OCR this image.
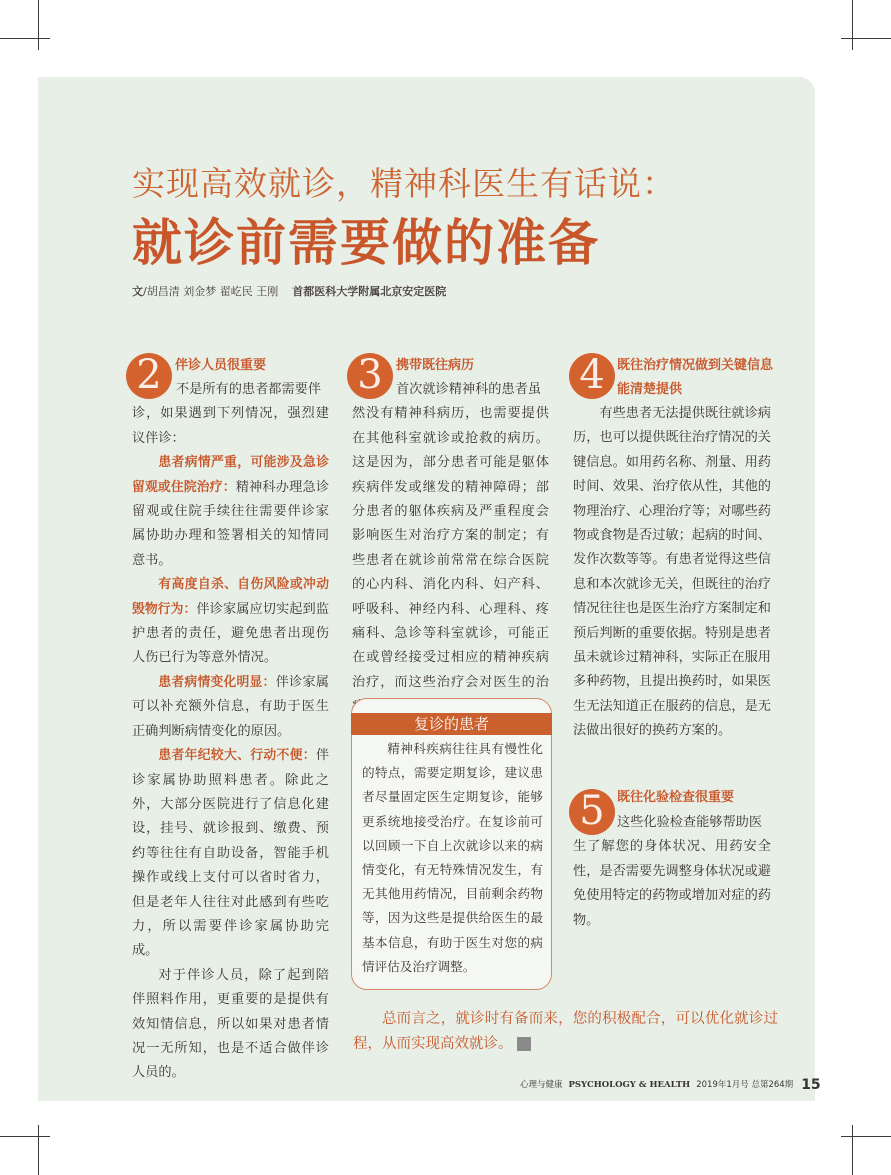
实现高效就诊，精神科医生有话说：
就诊前需要做的准备
文/胡昌清 刘金梦 翟屹民 王刚 首都医科大学附属北京安定医院
2	伴诊人员很重要

不是所有的患者都需要伴

诊，如果遇到下列情况，强烈建议伴诊：

患者病情严重，可能涉及急诊留观或住院治疗：精神科办理急诊留观或住院手续往往需要伴诊家属协助办理和签署相关的知情同意书。

有高度自杀、自伤风险或冲动毁物行为：伴诊家属应切实起到监护患者的责任，避免患者出现伤人伤已行为等意外情况。

患者病情变化明显：伴诊家属可以补充额外信息，有助于医生正确判断病情变化的原因。

患者年纪较大、行动不便：伴诊家属协助照料患者。除此之外，大部分医院进行了信息化建设，挂号、就诊报到、缴费、预约等往往有自助设备，智能手机操作或线上支付可以省时省力，但是老年人往往对此感到有些吃力，所以需要伴诊家属协助完成。

对于伴诊人员，除了起到陪伴照料作用，更重要的是提供有效知情信息，所以如果对患者情况一无所知，也是不适合做伴诊人员的。

3	携带既往病历

首次就诊精神科的患者虽

然没有精神科病历，也需要提供在其他科室就诊或抢救的病历。这是因为，部分患者可能是躯体疾病伴发或继发的精神障碍；部分患者的躯体疾病及严重程度会影响医生对治疗方案的制定；有些患者在就诊前常常在综合医院的心内科、消化内科、妇产科、呼吸科、神经内科、心理科、疼痛科、急诊等科室就诊，可能正在或曾经接受过相应的精神疾病治疗，而这些治疗会对医生的治

复诊的患者

精神科疾病往往具有慢性化的特点，需要定期复诊，建议患者尽量固定医生定期复诊，能够更系统地接受治疗。在复诊前可以回顾一下自上次就诊以来的病情变化，有无特殊情况发生，有无其他用药情况，目前剩余药物等，因为这些是提供给医生的最基本信息，有助于医生对您的病情评估及治疗调整。

4 既往治疗情况做到关键信息能清楚提供

有些患者无法提供既往就诊病历，也可以提供既往治疗情况的关键信息。如用药名称、剂量、用药时间、效果、治疗依从性，其他的物理治疗、心理治疗等；对哪些药物或食物是否过敏；起病的时间、发作次数等等。有患者觉得这些信息和本次就诊无关，但既往的治疗情况往往也是医生治疗方案制定和预后判断的重要依据。特别是患者虽未就诊过精神科，实际正在服用多种药物，且提出换药时，如果医生无法知道正在服药的信息，是无法做出很好的换药方案的。

5 既往化验检查很重要

这些化验检查能够帮助医

生了解您的身体状况、用药安全性，是否需要先调整身体状况或避免使用特定的药物或增加对症的药物。

总而言之，就诊时有备而来，您的积极配合，可以优化就诊过程，从而实现高效就诊。

心理与健康 PSYCHOLOGY & HEALTH 2019年1月号 总第264期 15
